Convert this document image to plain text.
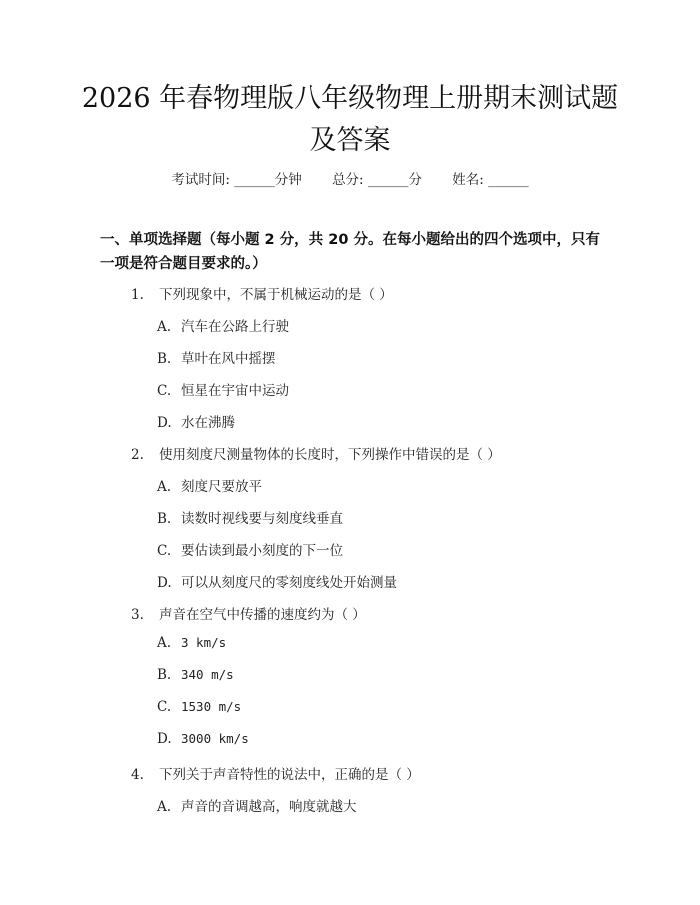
2026 年春物理版八年级物理上册期末测试题
及答案
考试时间: ______分钟 总分: ______分 姓名: ______
一、单项选择题（每小题 2 分，共 20 分。在每小题给出的四个选项中，只有一项是符合题目要求的。）
1. 下列现象中，不属于机械运动的是（ ）
A. 汽车在公路上行驶
B. 草叶在风中摇摆
C. 恒星在宇宙中运动
D. 水在沸腾
2. 使用刻度尺测量物体的长度时，下列操作中错误的是（ ）
A. 刻度尺要放平
B. 读数时视线要与刻度线垂直
C. 要估读到最小刻度的下一位
D. 可以从刻度尺的零刻度线处开始测量
3. 声音在空气中传播的速度约为（ ）
A. 3 km/s
B. 340 m/s
C. 1530 m/s
D. 3000 km/s
4. 下列关于声音特性的说法中，正确的是（ ）
A. 声音的音调越高，响度就越大
